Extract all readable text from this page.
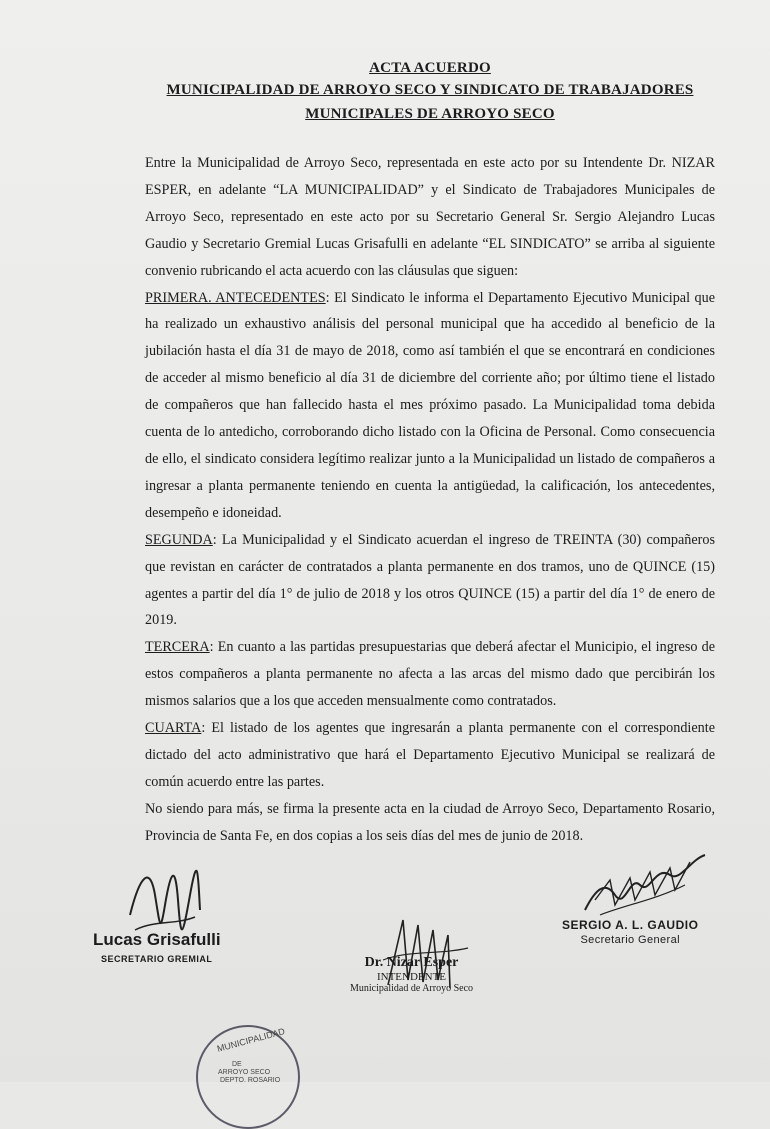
ACTA ACUERDO
MUNICIPALIDAD DE ARROYO SECO Y SINDICATO DE TRABAJADORES
MUNICIPALES DE ARROYO SECO

Entre la Municipalidad de Arroyo Seco, representada en este acto por su Intendente Dr. NIZAR ESPER, en adelante “LA MUNICIPALIDAD” y el Sindicato de Trabajadores Municipales de Arroyo Seco, representado en este acto por su Secretario General Sr. Sergio Alejandro Lucas Gaudio y Secretario Gremial Lucas Grisafulli en adelante “EL SINDICATO” se arriba al siguiente convenio rubricando el acta acuerdo con las cláusulas que siguen:

PRIMERA. ANTECEDENTES: El Sindicato le informa el Departamento Ejecutivo Municipal que ha realizado un exhaustivo análisis del personal municipal que ha accedido al beneficio de la jubilación hasta el día 31 de mayo de 2018, como así también el que se encontrará en condiciones de acceder al mismo beneficio al día 31 de diciembre del corriente año; por último tiene el listado de compañeros que han fallecido hasta el mes próximo pasado. La Municipalidad toma debida cuenta de lo antedicho, corroborando dicho listado con la Oficina de Personal. Como consecuencia de ello, el sindicato considera legítimo realizar junto a la Municipalidad un listado de compañeros a ingresar a planta permanente teniendo en cuenta la antigüedad, la calificación, los antecedentes, desempeño e idoneidad.

SEGUNDA: La Municipalidad y el Sindicato acuerdan el ingreso de TREINTA (30) compañeros que revistan en carácter de contratados a planta permanente en dos tramos, uno de QUINCE (15) agentes a partir del día 1° de julio de 2018 y los otros QUINCE (15) a partir del día 1° de enero de 2019.

TERCERA: En cuanto a las partidas presupuestarias que deberá afectar el Municipio, el ingreso de estos compañeros a planta permanente no afecta a las arcas del mismo dado que percibirán los mismos salarios que a los que acceden mensualmente como contratados.

CUARTA: El listado de los agentes que ingresarán a planta permanente con el correspondiente dictado del acto administrativo que hará el Departamento Ejecutivo Municipal se realizará de común acuerdo entre las partes.

No siendo para más, se firma la presente acta en la ciudad de Arroyo Seco, Departamento Rosario, Provincia de Santa Fe, en dos copias a los seis días del mes de junio de 2018.

Lucas Grisafulli
SECRETARIO GREMIAL
SERGIO A. L. GAUDIO
Secretario General
Dr. Nizar Esper
INTENDENTE
Municipalidad de Arroyo Seco
MUNICIPALIDAD
DE
ARROYO SECO
DEPTO. ROSARIO
